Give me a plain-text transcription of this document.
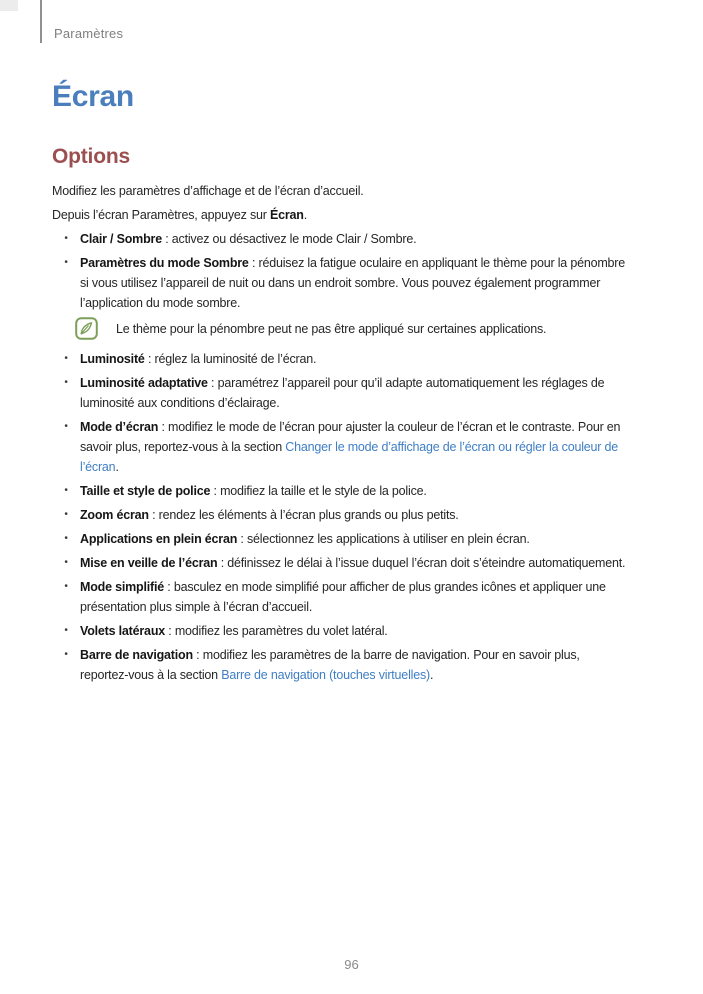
Paramètres
Écran
Options

Modifiez les paramètres d’affichage et de l’écran d’accueil.

Depuis l’écran Paramètres, appuyez sur Écran.

• Clair / Sombre : activez ou désactivez le mode Clair / Sombre.
• Paramètres du mode Sombre : réduisez la fatigue oculaire en appliquant le thème pour la pénombre
si vous utilisez l’appareil de nuit ou dans un endroit sombre. Vous pouvez également programmer
l’application du mode sombre.
Le thème pour la pénombre peut ne pas être appliqué sur certaines applications.
• Luminosité : réglez la luminosité de l’écran.
• Luminosité adaptative : paramétrez l’appareil pour qu’il adapte automatiquement les réglages de
luminosité aux conditions d’éclairage.
• Mode d’écran : modifiez le mode de l’écran pour ajuster la couleur de l’écran et le contraste. Pour en
savoir plus, reportez-vous à la section Changer le mode d’affichage de l’écran ou régler la couleur de
l’écran.
• Taille et style de police : modifiez la taille et le style de la police.
• Zoom écran : rendez les éléments à l’écran plus grands ou plus petits.
• Applications en plein écran : sélectionnez les applications à utiliser en plein écran.
• Mise en veille de l’écran : définissez le délai à l’issue duquel l’écran doit s’éteindre automatiquement.
• Mode simplifié : basculez en mode simplifié pour afficher de plus grandes icônes et appliquer une
présentation plus simple à l’écran d’accueil.
• Volets latéraux : modifiez les paramètres du volet latéral.
• Barre de navigation : modifiez les paramètres de la barre de navigation. Pour en savoir plus,
reportez-vous à la section Barre de navigation (touches virtuelles).
96
